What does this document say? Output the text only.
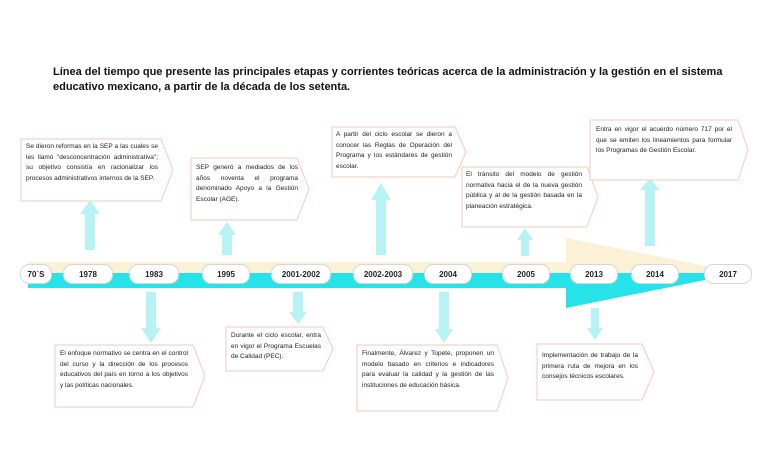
Línea del tiempo que presente las principales etapas y corrientes teóricas acerca de la administración y la gestión en el sistema educativo mexicano, a partir de la década de los setenta.
70´S	1978	1983	1995	2001-2002	2002-2003	2004	2005	2013	2014	2017
Se dieron reformas en la SEP a las cuales se les llamó "desconcentración administrativa"; su objetivo consistía en racionalizar los procesos administrativos internos de la SEP.
SEP generó a mediados de los años noventa el programa denominado Apoyo a la Gestión Escolar (AGE).
A partir del ciclo escolar se dieron a conocer las Reglas de Operación del Programa y los estándares de gestión escolar.
El tránsito del modelo de gestión normativa hacia el de la nueva gestión pública y al de la gestión basada en la planeación estratégica.
Entra en vigor el acuerdo número 717 por el que se emiten los lineamientos para formular los Programas de Gestión Escolar.
El enfoque normativo se centra en el control del curso y la dirección de los procesos educativos del país en torno a los objetivos y las políticas nacionales.
Durante el ciclo escolar, entra en vigor el Programa Escuelas de Calidad (PEC).	Finalmente, Álvarez y Topete, proponen un modelo basado en criterios e indicadores para evaluar la calidad y la gestión de las instituciones de educación básica.
Implementación de trabajo de la primera ruta de mejora en los consejos técnicos escolares.
